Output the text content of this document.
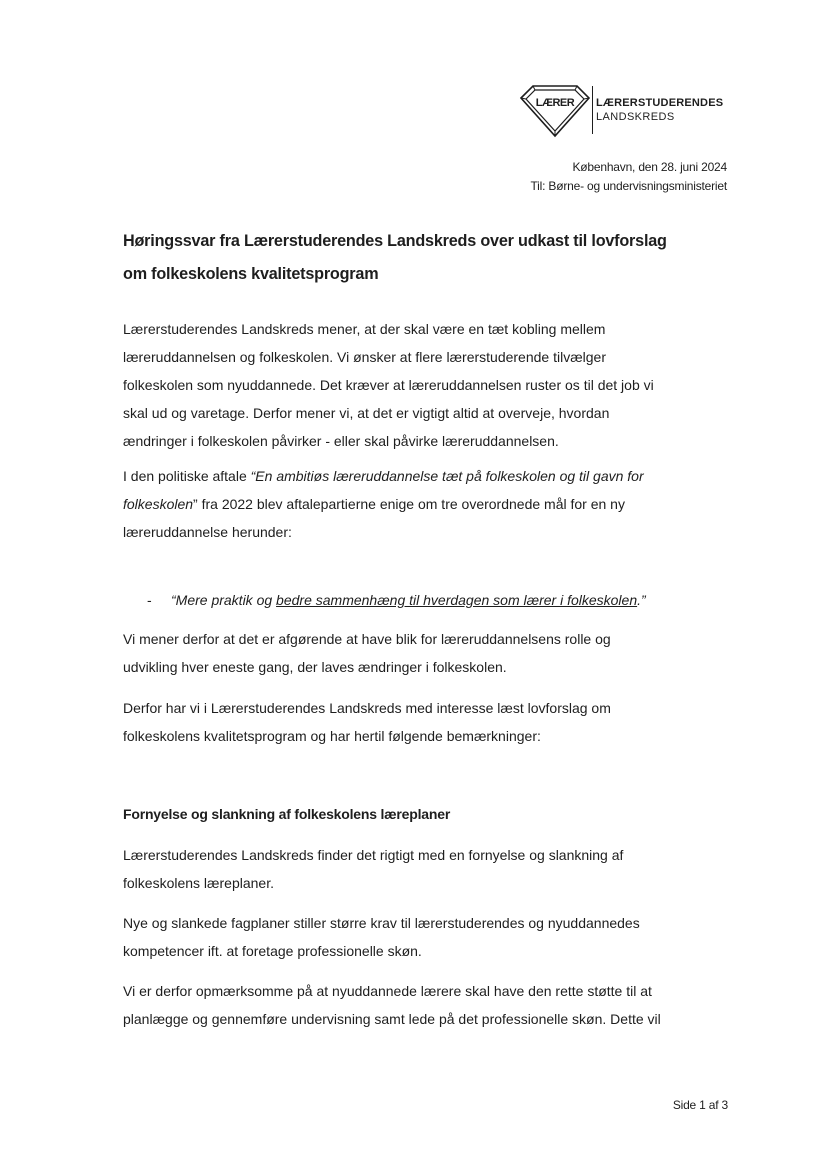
LÆRER LÆRERSTUDERENDES
LANDSKREDS
København, den 28. juni 2024
Til: Børne- og undervisningsministeriet
Høringssvar fra Lærerstuderendes Landskreds over udkast til lovforslag
om folkeskolens kvalitetsprogram

Lærerstuderendes Landskreds mener, at der skal være en tæt kobling mellem
læreruddannelsen og folkeskolen. Vi ønsker at flere lærerstuderende tilvælger
folkeskolen som nyuddannede. Det kræver at læreruddannelsen ruster os til det job vi
skal ud og varetage. Derfor mener vi, at det er vigtigt altid at overveje, hvordan
ændringer i folkeskolen påvirker - eller skal påvirke læreruddannelsen.

I den politiske aftale “En ambitiøs læreruddannelse tæt på folkeskolen og til gavn for
folkeskolen” fra 2022 blev aftalepartierne enige om tre overordnede mål for en ny
læreruddannelse herunder:

- “Mere praktik og bedre sammenhæng til hverdagen som lærer i folkeskolen.”

Vi mener derfor at det er afgørende at have blik for læreruddannelsens rolle og
udvikling hver eneste gang, der laves ændringer i folkeskolen.

Derfor har vi i Lærerstuderendes Landskreds med interesse læst lovforslag om
folkeskolens kvalitetsprogram og har hertil følgende bemærkninger:

Fornyelse og slankning af folkeskolens læreplaner

Lærerstuderendes Landskreds finder det rigtigt med en fornyelse og slankning af
folkeskolens læreplaner.

Nye og slankede fagplaner stiller større krav til lærerstuderendes og nyuddannedes
kompetencer ift. at foretage professionelle skøn.

Vi er derfor opmærksomme på at nyuddannede lærere skal have den rette støtte til at
planlægge og gennemføre undervisning samt lede på det professionelle skøn. Dette vil

Side 1 af 3
